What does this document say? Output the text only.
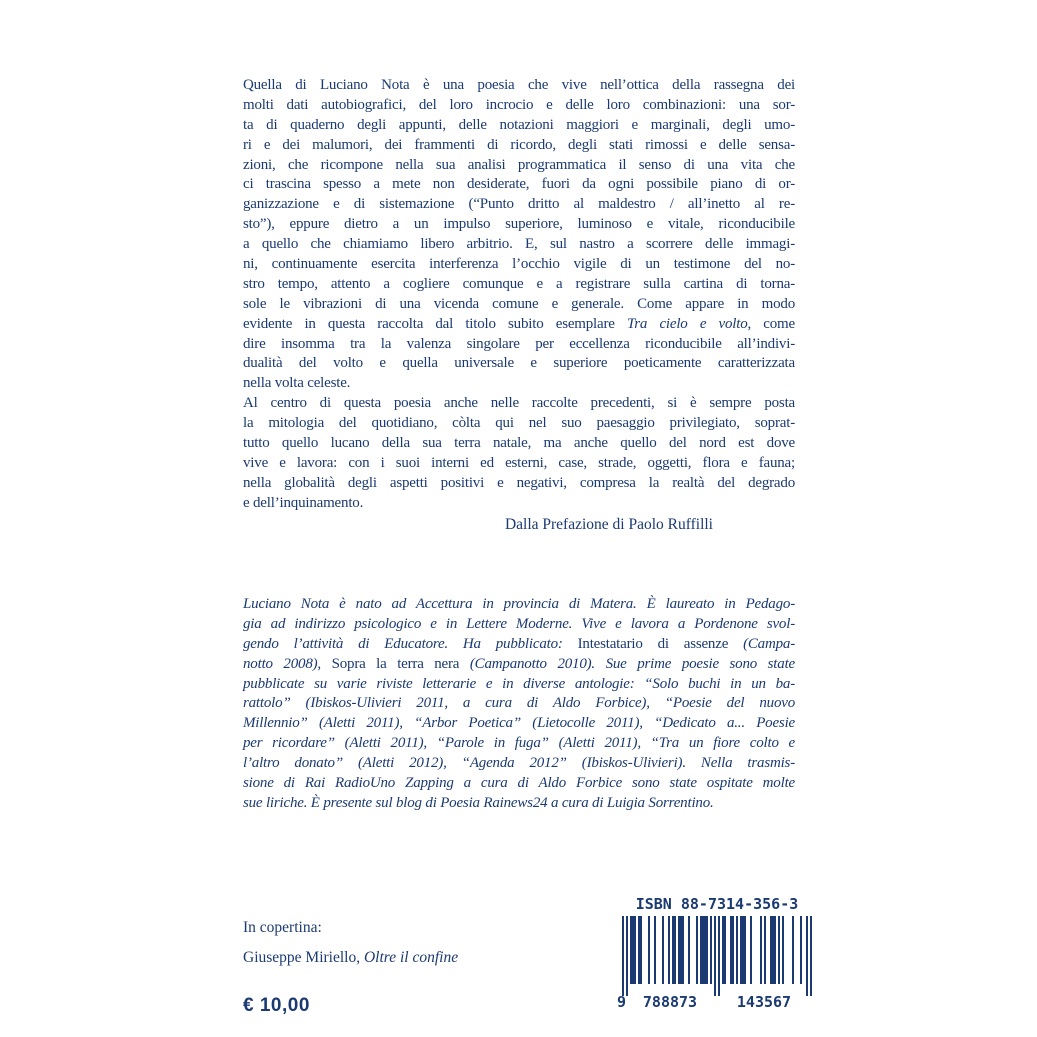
Quella di Luciano Nota è una poesia che vive nell’ottica della rassegna dei
molti dati autobiografici, del loro incrocio e delle loro combinazioni: una sor-
ta di quaderno degli appunti, delle notazioni maggiori e marginali, degli umo-
ri e dei malumori, dei frammenti di ricordo, degli stati rimossi e delle sensa-
zioni, che ricompone nella sua analisi programmatica il senso di una vita che
ci trascina spesso a mete non desiderate, fuori da ogni possibile piano di or-
ganizzazione e di sistemazione (“Punto dritto al maldestro / all’inetto al re-
sto”), eppure dietro a un impulso superiore, luminoso e vitale, riconducibile
a quello che chiamiamo libero arbitrio. E, sul nastro a scorrere delle immagi-
ni, continuamente esercita interferenza l’occhio vigile di un testimone del no-
stro tempo, attento a cogliere comunque e a registrare sulla cartina di torna-
sole le vibrazioni di una vicenda comune e generale. Come appare in modo
evidente in questa raccolta dal titolo subito esemplare Tra cielo e volto, come
dire insomma tra la valenza singolare per eccellenza riconducibile all’indivi-
dualità del volto e quella universale e superiore poeticamente caratterizzata
nella volta celeste.
Al centro di questa poesia anche nelle raccolte precedenti, si è sempre posta
la mitologia del quotidiano, còlta qui nel suo paesaggio privilegiato, soprat-
tutto quello lucano della sua terra natale, ma anche quello del nord est dove
vive e lavora: con i suoi interni ed esterni, case, strade, oggetti, flora e fauna;
nella globalità degli aspetti positivi e negativi, compresa la realtà del degrado
e dell’inquinamento.
Dalla Prefazione di Paolo Ruffilli
Luciano Nota è nato ad Accettura in provincia di Matera. È laureato in Pedago-
gia ad indirizzo psicologico e in Lettere Moderne. Vive e lavora a Pordenone svol-
gendo l’attività di Educatore. Ha pubblicato: Intestatario di assenze (Campa-
notto 2008), Sopra la terra nera (Campanotto 2010). Sue prime poesie sono state
pubblicate su varie riviste letterarie e in diverse antologie: “Solo buchi in un ba-
rattolo” (Ibiskos-Ulivieri 2011, a cura di Aldo Forbice), “Poesie del nuovo
Millennio” (Aletti 2011), “Arbor Poetica” (Lietocolle 2011), “Dedicato a... Poesie
per ricordare” (Aletti 2011), “Parole in fuga” (Aletti 2011), “Tra un fiore colto e
l’altro donato” (Aletti 2012), “Agenda 2012” (Ibiskos-Ulivieri). Nella trasmis-
sione di Rai RadioUno Zapping a cura di Aldo Forbice sono state ospitate molte
sue liriche. È presente sul blog di Poesia Rainews24 a cura di Luigia Sorrentino.
In copertina:
Giuseppe Miriello, Oltre il confine
€ 10,00
ISBN 88-7314-356-3
9 788873	143567
